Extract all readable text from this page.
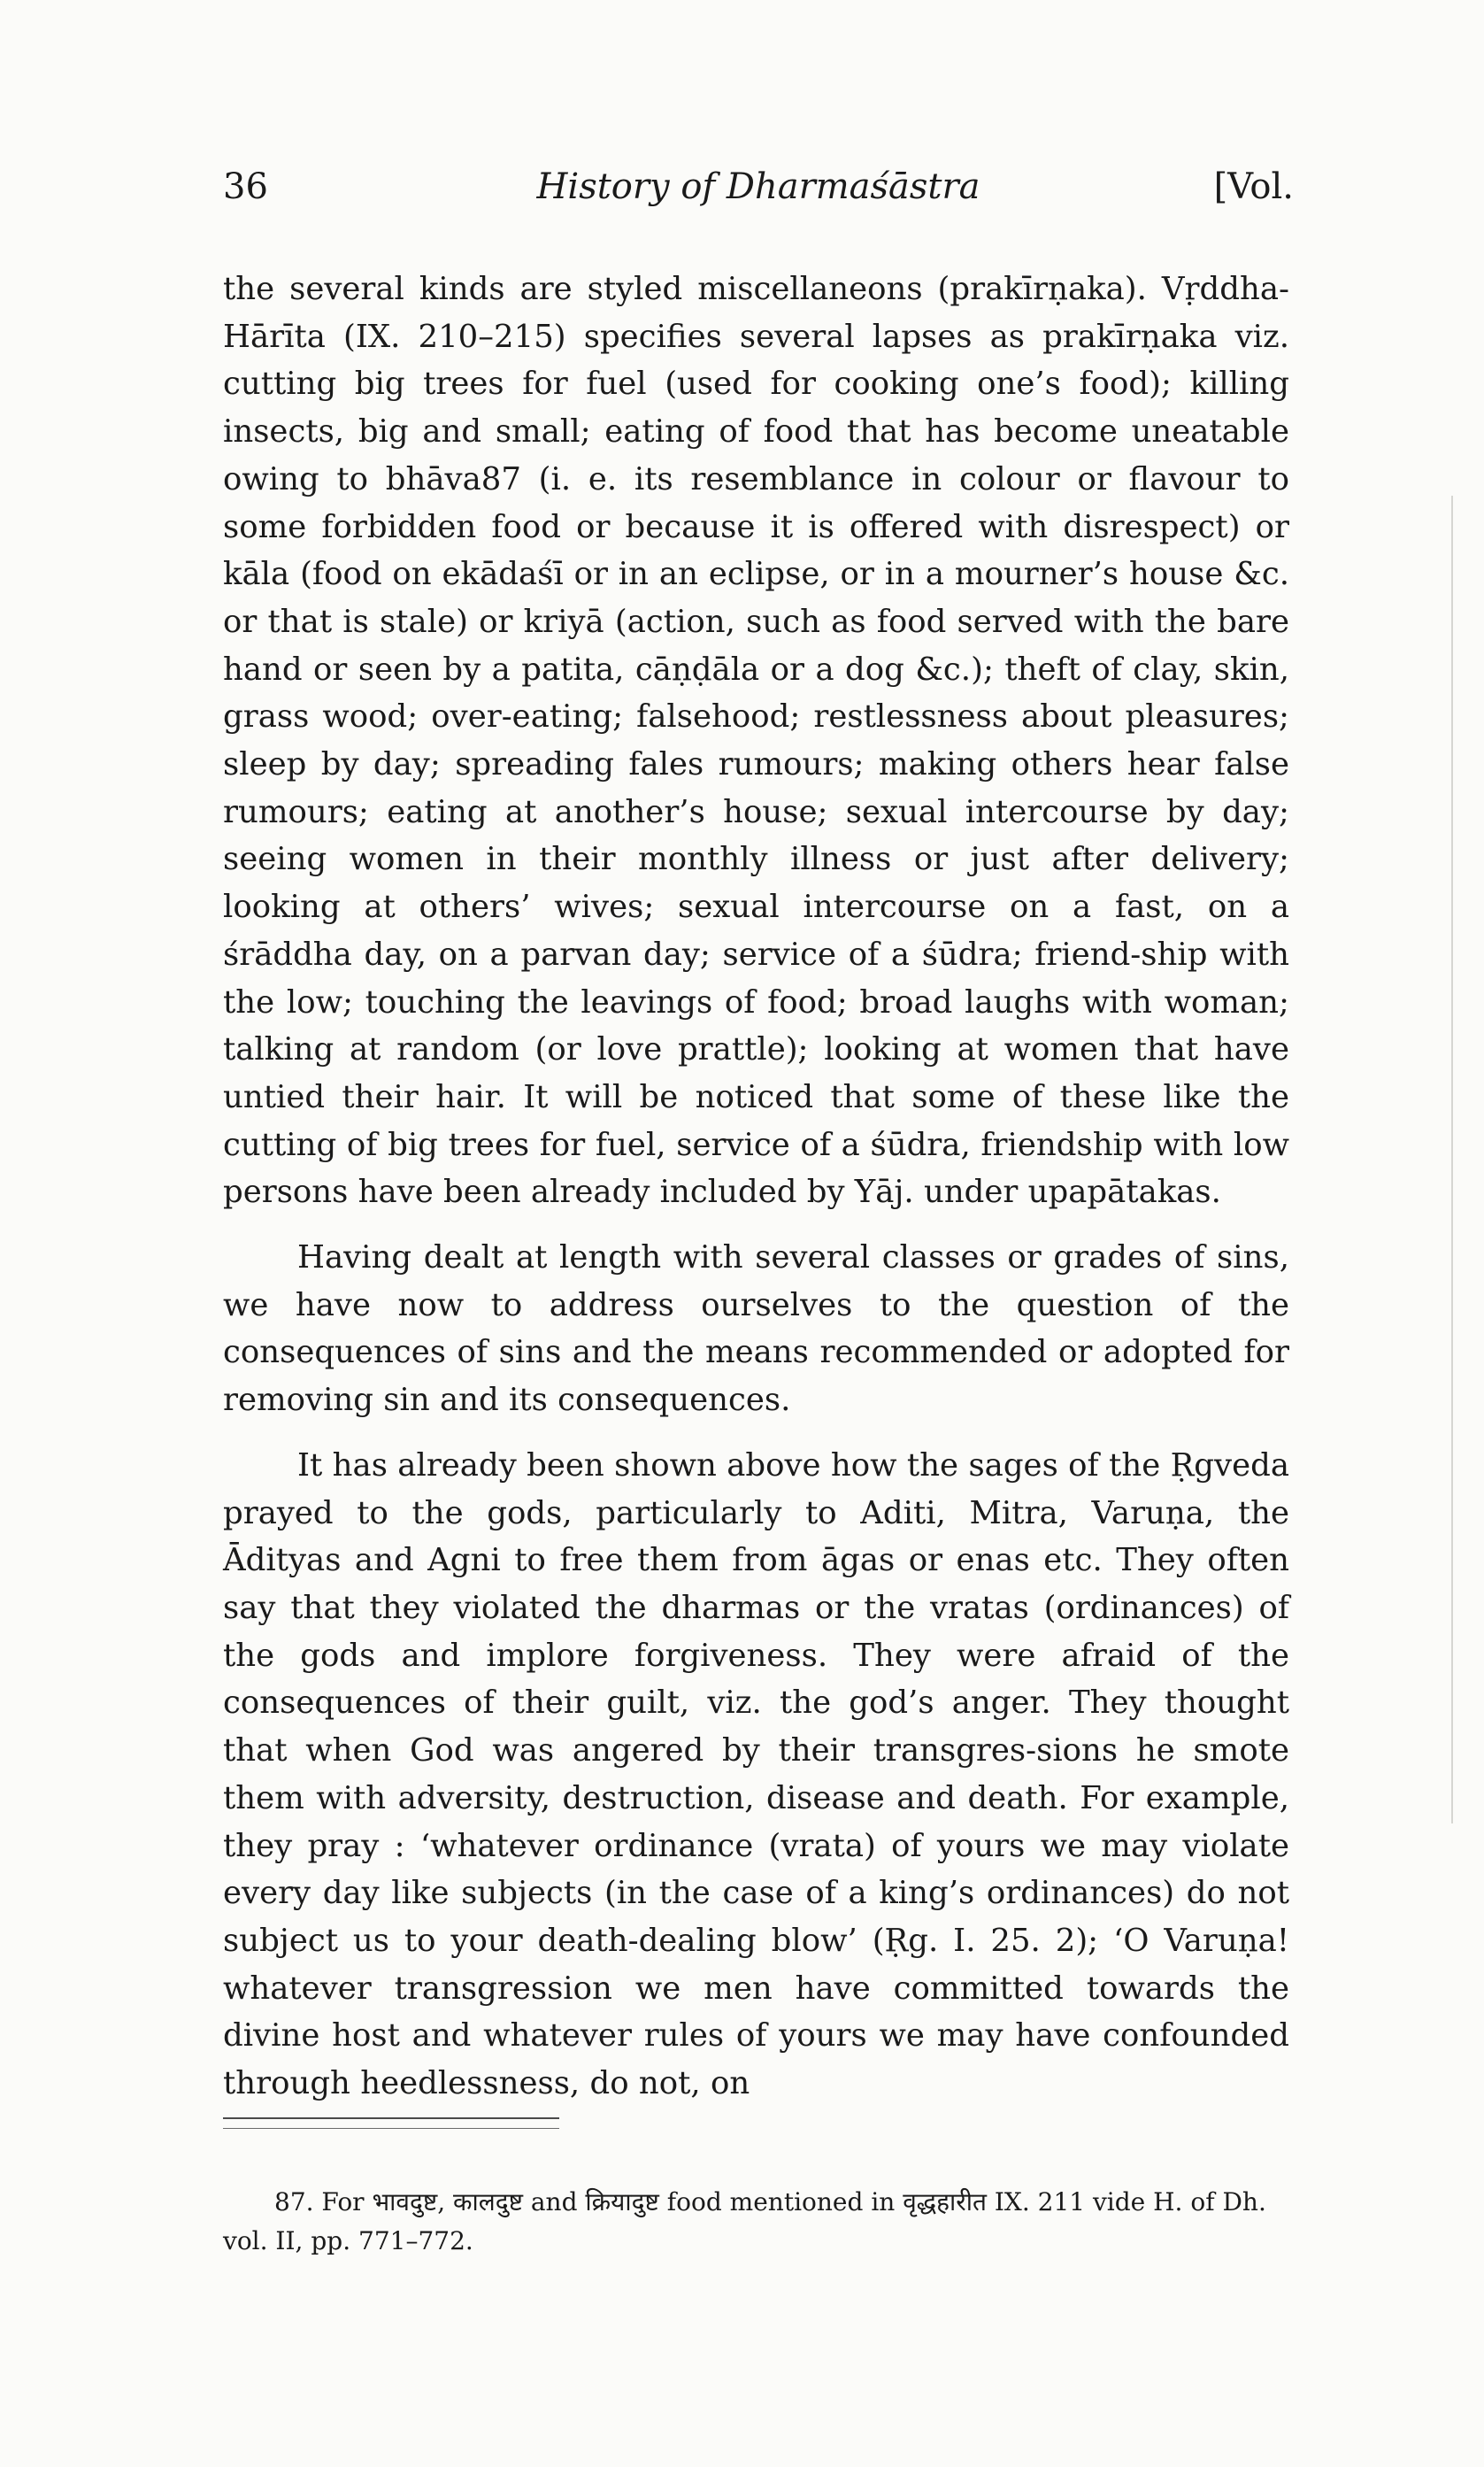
36	History of Dharmaśāstra	[Vol.

the several kinds are styled miscellaneons (prakīrṇaka). Vṛddha-Hārīta (IX. 210–215) specifies several lapses as prakīrṇaka viz. cutting big trees for fuel (used for cooking one’s food); killing insects, big and small; eating of food that has become uneatable owing to bhāva87 (i. e. its resemblance in colour or flavour to some forbidden food or because it is offered with disrespect) or kāla (food on ekādaśī or in an eclipse, or in a mourner’s house &c. or that is stale) or kriyā (action, such as food served with the bare hand or seen by a patita, cāṇḍāla or a dog &c.); theft of clay, skin, grass wood; over-eating; falsehood; restlessness about pleasures; sleep by day; spreading fales rumours; making others hear false rumours; eating at another’s house; sexual intercourse by day; seeing women in their monthly illness or just after delivery; looking at others’ wives; sexual intercourse on a fast, on a śrāddha day, on a parvan day; service of a śūdra; friend-ship with the low; touching the leavings of food; broad laughs with woman; talking at random (or love prattle); looking at women that have untied their hair. It will be noticed that some of these like the cutting of big trees for fuel, service of a śūdra, friendship with low persons have been already included by Yāj. under upapātakas.

Having dealt at length with several classes or grades of sins, we have now to address ourselves to the question of the consequences of sins and the means recommended or adopted for removing sin and its consequences.

It has already been shown above how the sages of the Ṛgveda prayed to the gods, particularly to Aditi, Mitra, Varuṇa, the Ādityas and Agni to free them from āgas or enas etc. They often say that they violated the dharmas or the vratas (ordinances) of the gods and implore forgiveness. They were afraid of the consequences of their guilt, viz. the god’s anger. They thought that when God was angered by their transgres-sions he smote them with adversity, destruction, disease and death. For example, they pray : ‘whatever ordinance (vrata) of yours we may violate every day like subjects (in the case of a king’s ordinances) do not subject us to your death-dealing blow’ (Ṛg. I. 25. 2); ‘O Varuṇa! whatever transgression we men have committed towards the divine host and whatever rules of yours we may have confounded through heedlessness, do not, on

87. For भावदुष्ट, कालदुष्ट and क्रियादुष्ट food mentioned in वृद्धहारीत IX. 211 vide H. of Dh. vol. II, pp. 771–772.
